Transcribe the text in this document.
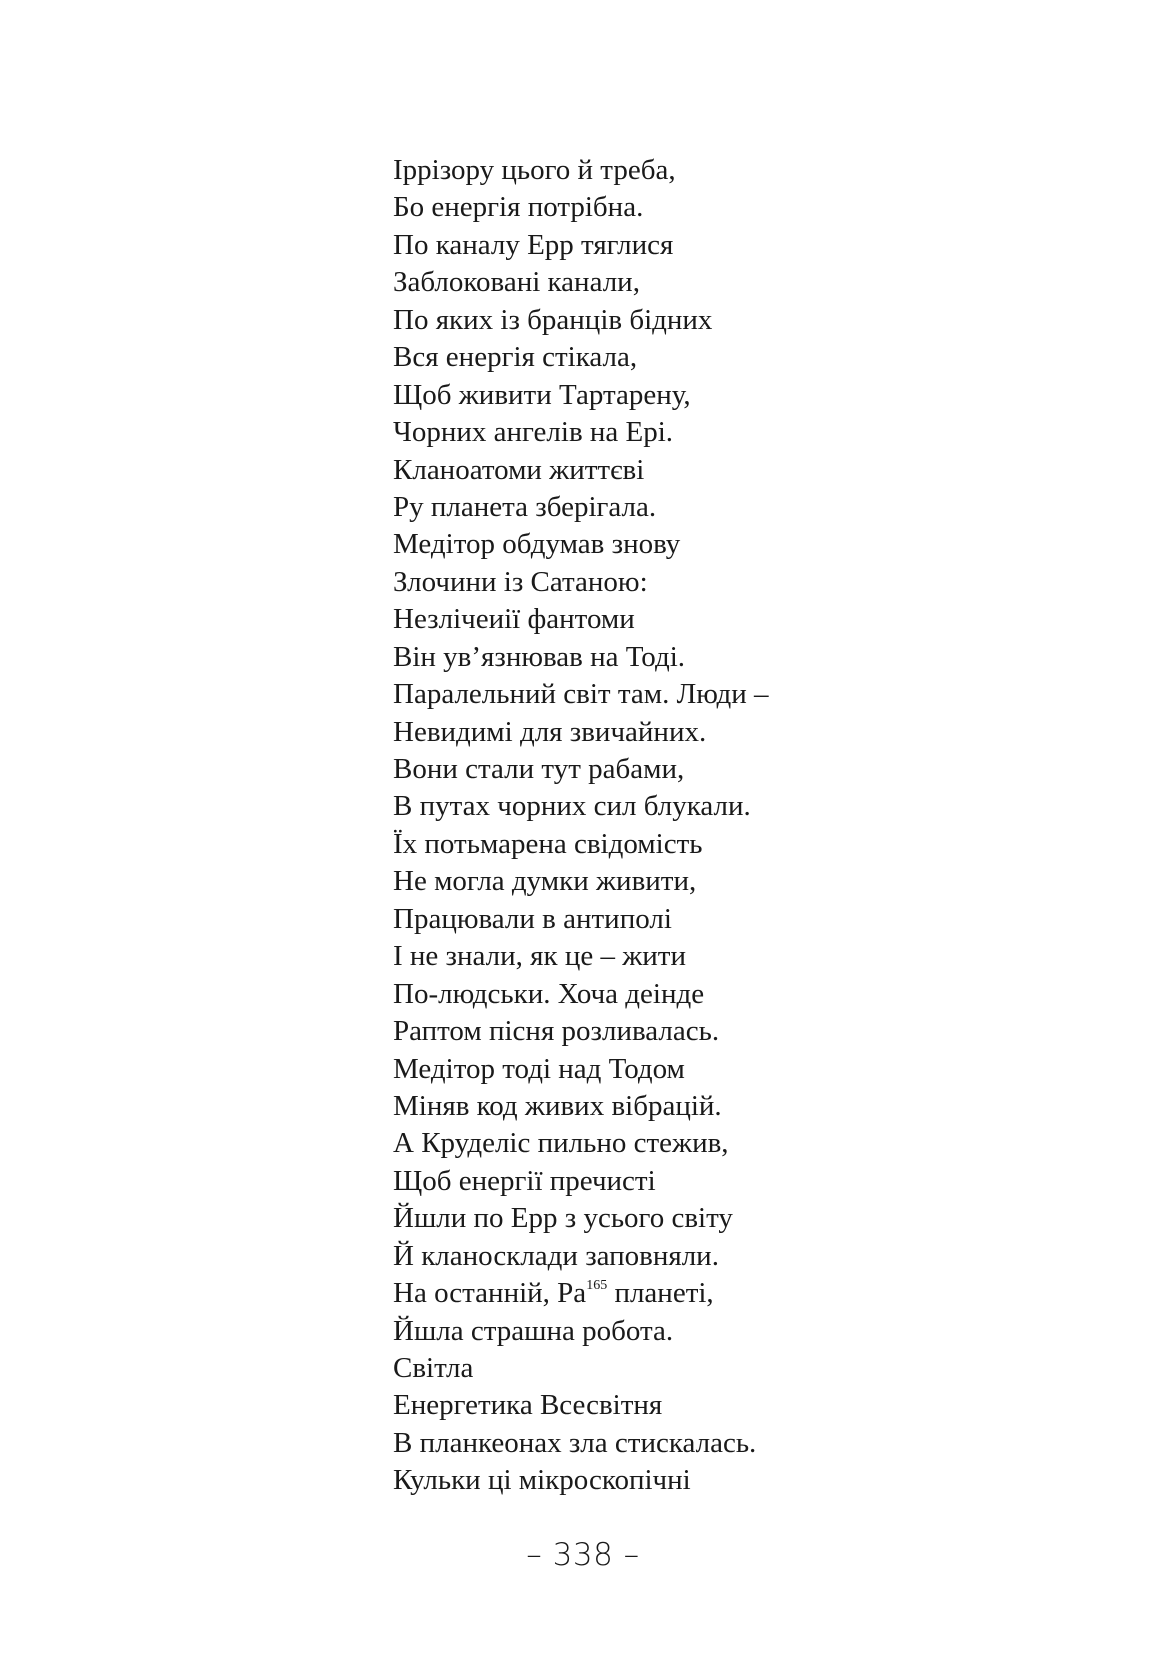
Іррізору цього й треба,
Бо енергія потрібна.
По каналу Ерр тяглися
Заблоковані канали,
По яких із бранців бідних
Вся енергія стікала,
Щоб живити Тартарену,
Чорних ангелів на Ері.
Кланоатоми життєві
Ру планета зберігала.
Медітор обдумав знову
Злочини із Сатаною:
Незлічеиії фантоми
Він ув’язнював на Тоді.
Паралельний світ там. Люди –
Невидимі для звичайних.
Вони стали тут рабами,
В путах чорних сил блукали.
Їх потьмарена свідомість
Не могла думки живити,
Працювали в антиполі
І не знали, як це – жити
По-людськи. Хоча деінде
Раптом пісня розливалась.
Медітор тоді над Тодом
Міняв код живих вібрацій.
А Круделіс пильно стежив,
Щоб енергії пречисті
Йшли по Ерр з усього світу
Й кланосклади заповняли.
На останній, $Ра^{165}$ планеті,
Йшла страшна робота.
Світла
Енергетика Всесвітня
В планкеонах зла стискалась.
Кульки ці мікроскопічні
– 338 –
